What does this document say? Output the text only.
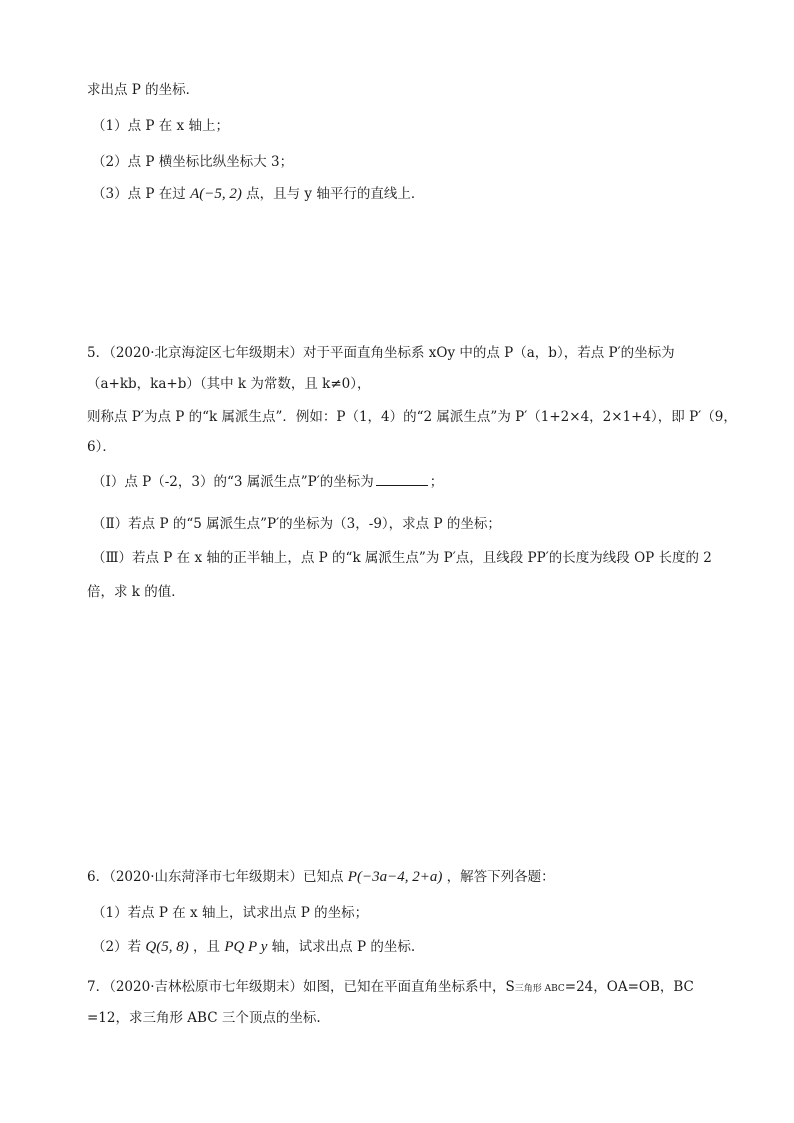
求出点 P 的坐标．
（1）点 P 在 x 轴上；
（2）点 P 横坐标比纵坐标大 3；
（3）点 P 在过 A(−5, 2) 点，且与 y 轴平行的直线上．
5．（2020·北京海淀区七年级期末）对于平面直角坐标系 xOy 中的点 P（a，b），若点 P′的坐标为
（a+kb，ka+b）（其中 k 为常数，且 k≠0），
则称点 P′为点 P 的“k 属派生点”．例如：P（1，4）的“2 属派生点”为 P′（1+2×4，2×1+4），即 P′（9，
6）．
（Ⅰ）点 P（-2，3）的“3 属派生点”P′的坐标为	；
（Ⅱ）若点 P 的“5 属派生点”P′的坐标为（3，-9），求点 P 的坐标；
（Ⅲ）若点 P 在 x 轴的正半轴上，点 P 的“k 属派生点”为 P′点，且线段 PP′的长度为线段 OP 长度的 2
倍，求 k 的值．
6．（2020·山东菏泽市七年级期末）已知点 P(−3a−4, 2+a) ，解答下列各题：
（1）若点 P 在 x 轴上，试求出点 P 的坐标；
（2）若 Q(5, 8) ，且 PQ P y 轴，试求出点 P 的坐标.
7．（2020·吉林松原市七年级期末）如图，已知在平面直角坐标系中，S三角形 ABC=24，OA=OB，BC
=12，求三角形 ABC 三个顶点的坐标.
